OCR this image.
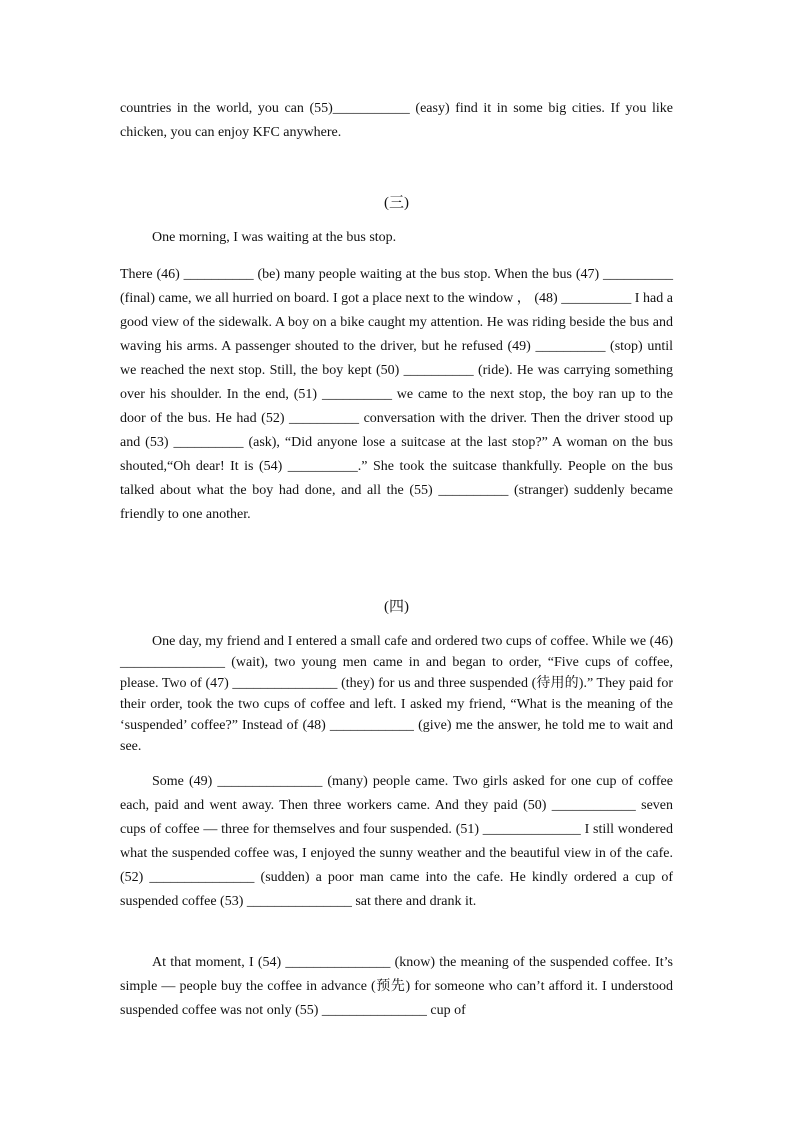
countries in the world, you can (55)___________ (easy) find it in some big cities. If you like chicken, you can enjoy KFC anywhere.

(三)

One morning, I was waiting at the bus stop.

There (46) __________ (be) many people waiting at the bus stop. When the bus (47) __________ (final) came, we all hurried on board. I got a place next to the window ， (48) __________ I had a good view of the sidewalk. A boy on a bike caught my attention. He was riding beside the bus and waving his arms. A passenger shouted to the driver, but he refused (49) __________ (stop) until we reached the next stop. Still, the boy kept (50) __________ (ride). He was carrying something over his shoulder. In the end, (51) __________ we came to the next stop, the boy ran up to the door of the bus. He had (52) __________ conversation with the driver. Then the driver stood up and (53) __________ (ask), “Did anyone lose a suitcase at the last stop?” A woman on the bus shouted,“Oh dear! It is (54) __________.” She took the suitcase thankfully. People on the bus talked about what the boy had done, and all the (55) __________ (stranger) suddenly became friendly to one another.

(四)

One day, my friend and I entered a small cafe and ordered two cups of coffee. While we (46) _______________ (wait), two young men came in and began to order, “Five cups of coffee, please. Two of (47) _______________ (they) for us and three suspended (待用的).” They paid for their order, took the two cups of coffee and left. I asked my friend, “What is the meaning of the ‘suspended’ coffee?” Instead of (48) ____________ (give) me the answer, he told me to wait and see.

Some (49) _______________ (many) people came. Two girls asked for one cup of coffee each, paid and went away. Then three workers came. And they paid (50) ____________ seven cups of coffee — three for themselves and four suspended. (51) ______________ I still wondered what the suspended coffee was, I enjoyed the sunny weather and the beautiful view in of the cafe. (52) _______________ (sudden) a poor man came into the cafe. He kindly ordered a cup of suspended coffee (53) _______________ sat there and drank it.

At that moment, I (54) _______________ (know) the meaning of the suspended coffee. It’s simple — people buy the coffee in advance (预先) for someone who can’t afford it. I understood suspended coffee was not only (55) _______________ cup of
